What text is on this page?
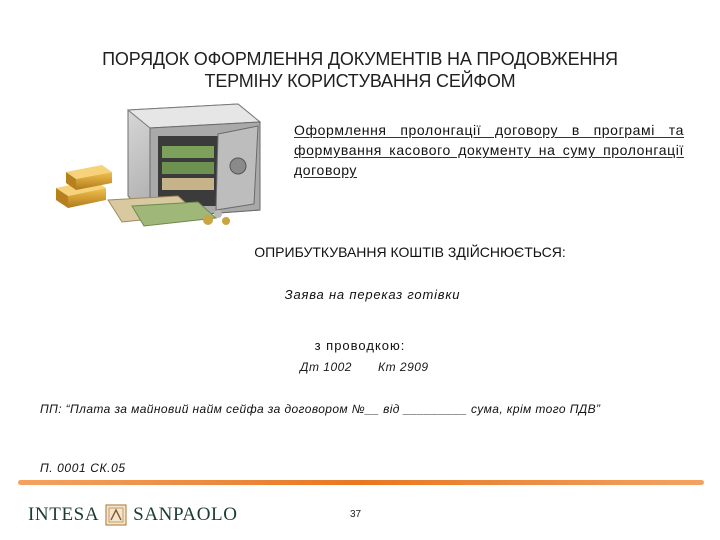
ПОРЯДОК ОФОРМЛЕННЯ ДОКУМЕНТІВ НА ПРОДОВЖЕННЯ
ТЕРМІНУ КОРИСТУВАННЯ СЕЙФОМ
Оформлення пролонгації договору в програмі та формування касового документу на суму пролонгації договору
ОПРИБУТКУВАННЯ КОШТІВ ЗДІЙСНЮЄТЬСЯ:
Заява на переказ готівки
з проводкою:
Дт 1002 Кт 2909
ПП: “Плата за майновий найм сейфа за договором №__ від _________ сума, крім того ПДВ”
П. 0001 СК.05
INTESA SANPAOLO	37
